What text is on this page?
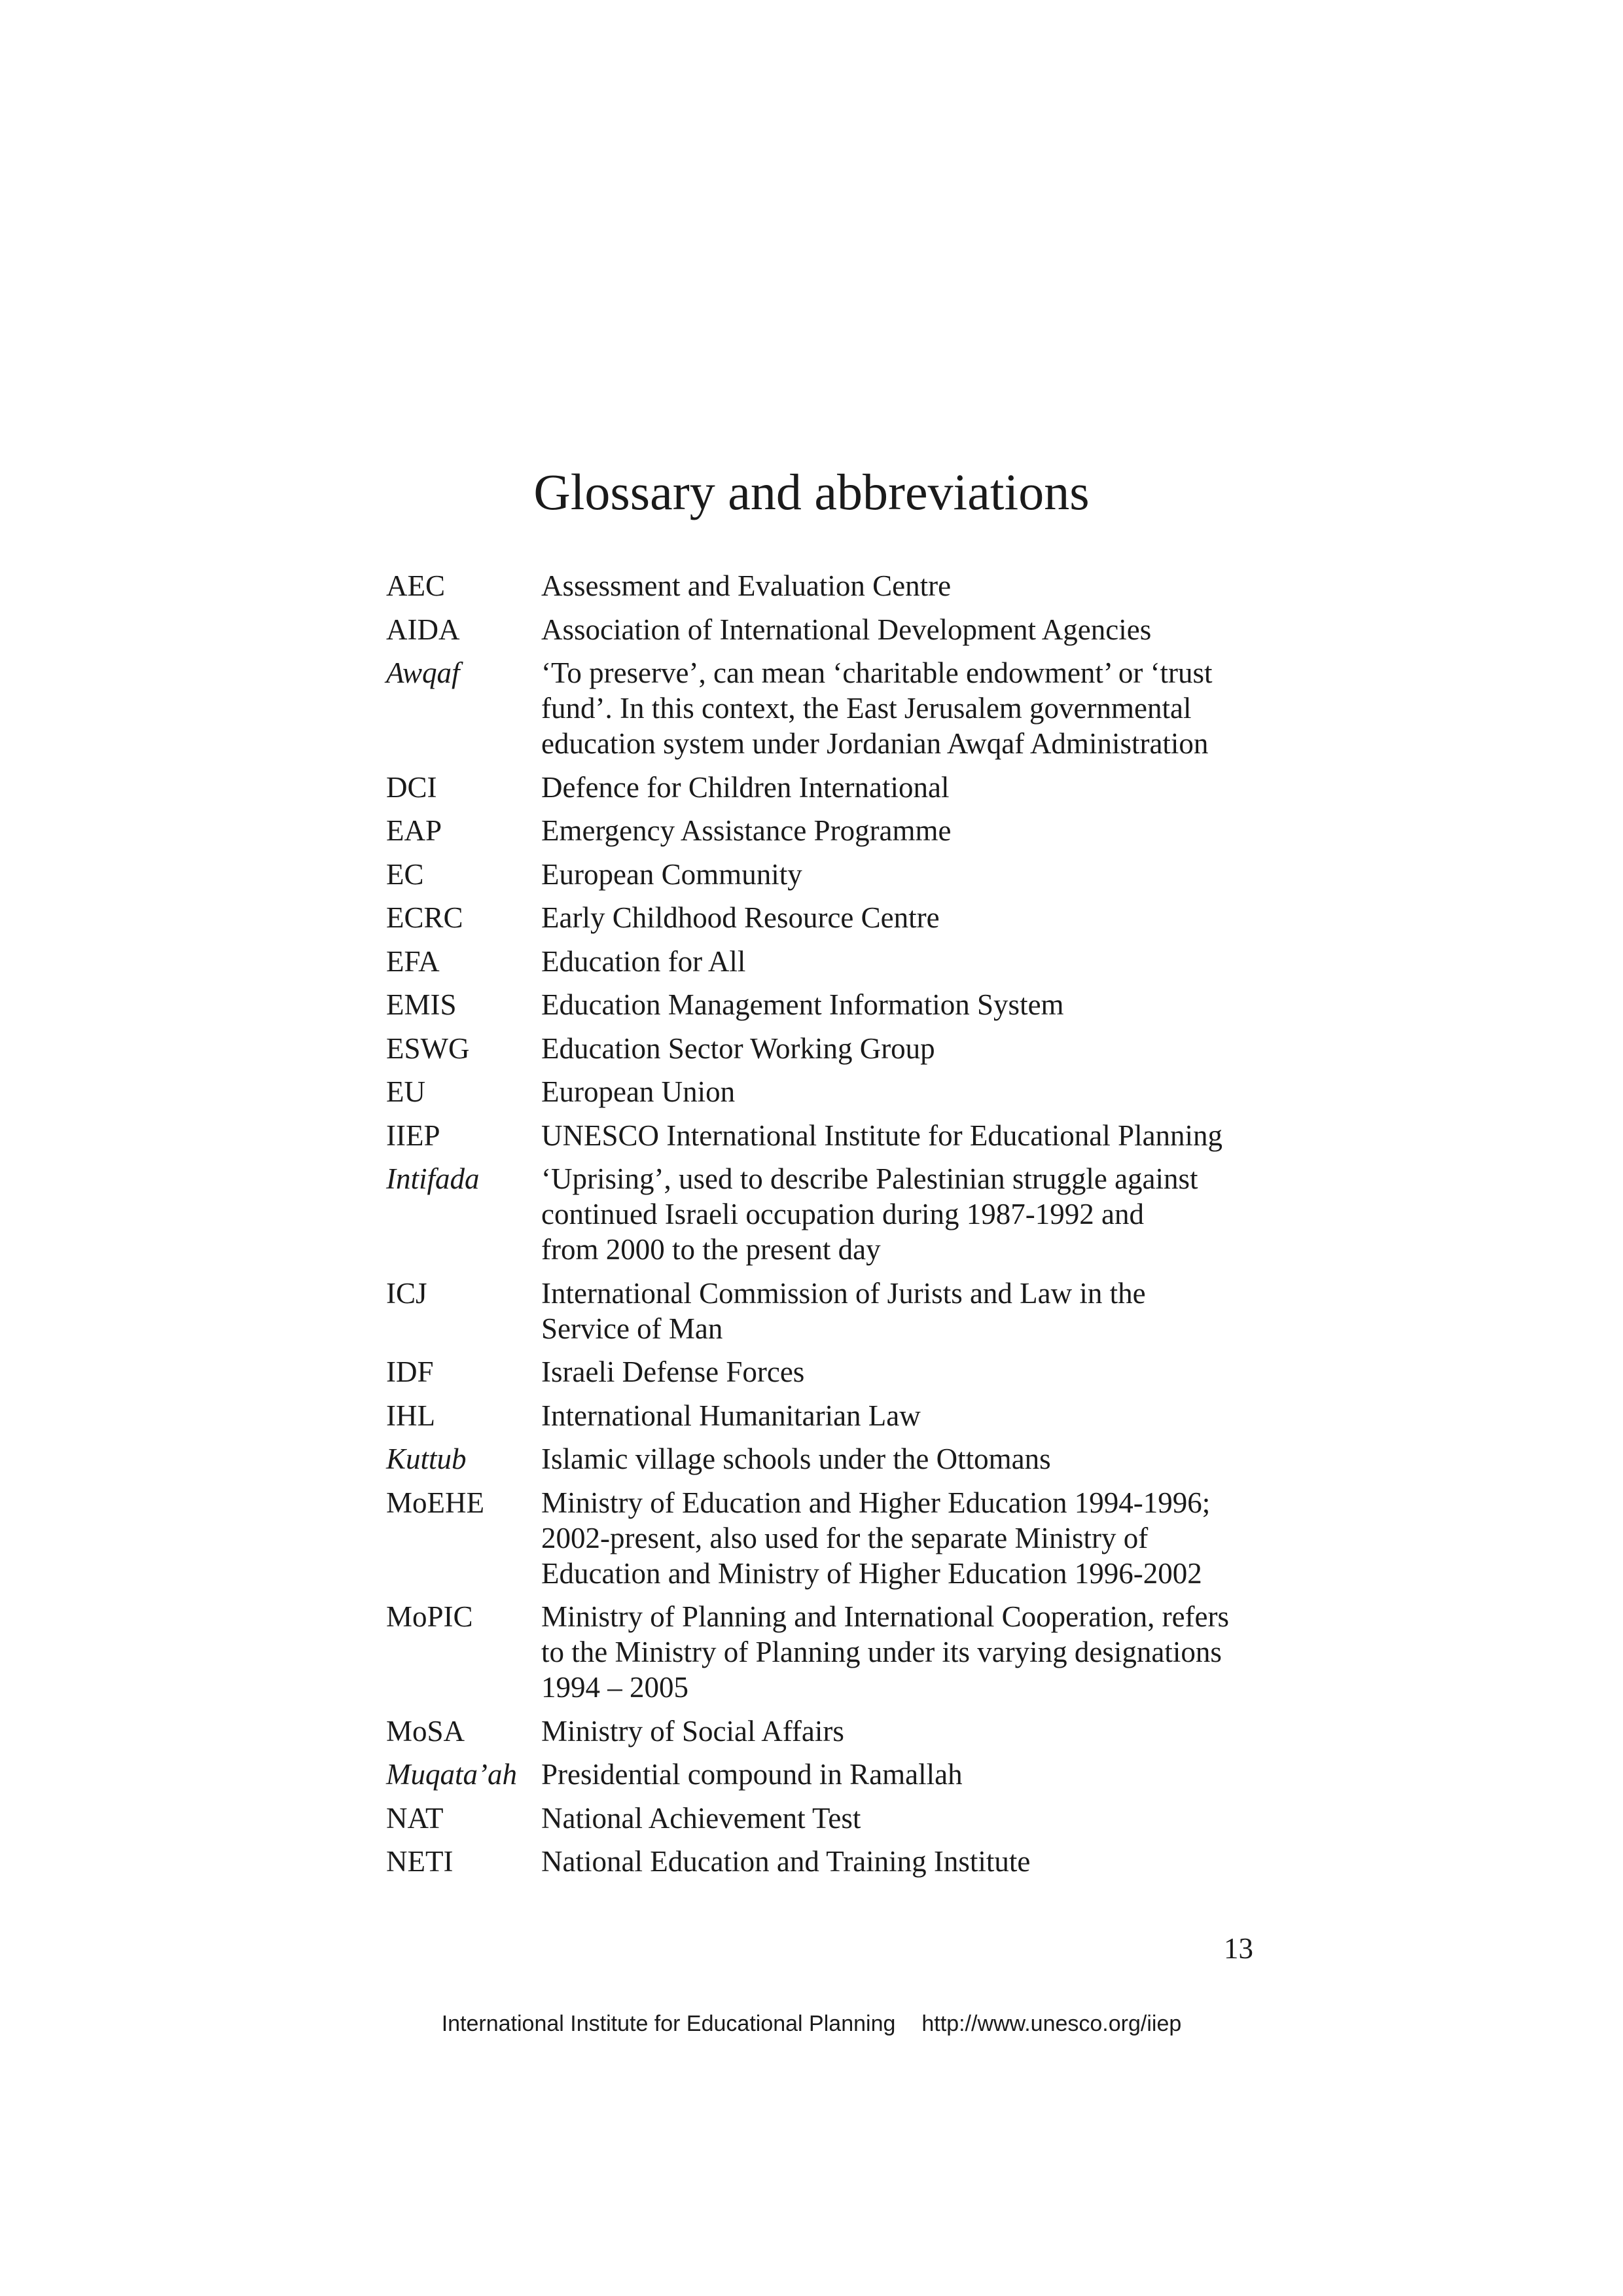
Glossary and abbreviations
AEC	Assessment and Evaluation Centre
AIDA	Association of International Development Agencies
Awqaf	‘To preserve’, can mean ‘charitable endowment’ or ‘trust
fund’. In this context, the East Jerusalem governmental
education system under Jordanian Awqaf Administration
DCI	Defence for Children International
EAP	Emergency Assistance Programme
EC	European Community
ECRC	Early Childhood Resource Centre
EFA	Education for All
EMIS	Education Management Information System
ESWG	Education Sector Working Group
EU	European Union
IIEP	UNESCO International Institute for Educational Planning
Intifada	‘Uprising’, used to describe Palestinian struggle against
continued Israeli occupation during 1987-1992 and
from 2000 to the present day
ICJ	International Commission of Jurists and Law in the
Service of Man
IDF	Israeli Defense Forces
IHL	International Humanitarian Law
Kuttub	Islamic village schools under the Ottomans
MoEHE	Ministry of Education and Higher Education 1994-1996;
2002-present, also used for the separate Ministry of
Education and Ministry of Higher Education 1996-2002
MoPIC	Ministry of Planning and International Cooperation, refers
to the Ministry of Planning under its varying designations
1994 – 2005
MoSA	Ministry of Social Affairs
Muqata’ah Presidential compound in Ramallah
NAT	National Achievement Test
NETI	National Education and Training Institute
13
International Institute for Educational Planning http://www.unesco.org/iiep
